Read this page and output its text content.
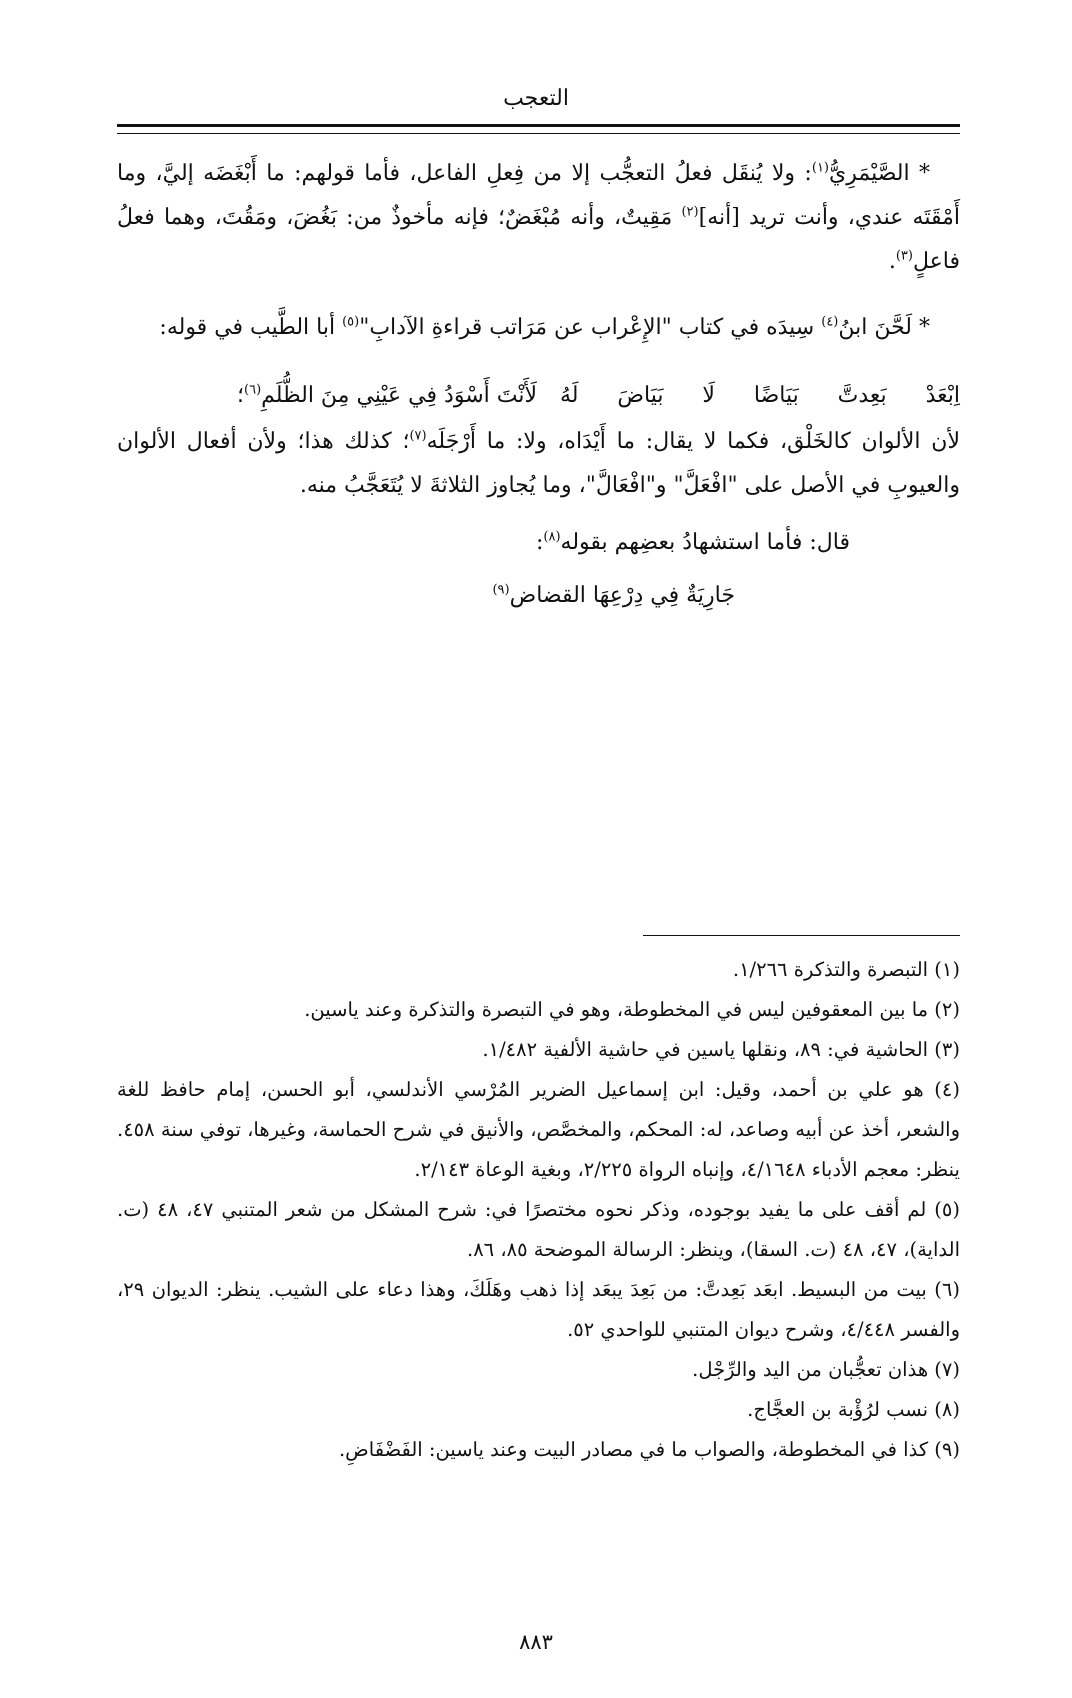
التعجب

* الصَّيْمَرِيُّ$^{(١)}$: ولا يُنقَل فعلُ التعجُّب إلا من فِعلِ الفاعل، فأما قولهم: ما أَبْغَضَه إليَّ، وما أَمْقَتَه عندي، وأنت تريد [أنه]$^{(٢)}$ مَقِيتٌ، وأنه مُبْغَضٌ؛ فإنه مأخوذٌ من: بَغُضَ، ومَقُتَ، وهما فعلُ فاعلٍ$^{(٣)}$.

* لَحَّنَ ابنُ$^{(٤)}$ سِيدَه في كتاب "الإِعْراب عن مَرَاتب قراءةِ الآدابِ"$^{(٥)}$ أبا الطَّيب في قوله:

اِبْعَدْ بَعِدتَّ بَيَاضًا لَا بَيَاضَ لَهُ
لَأَنْتَ أَسْوَدُ فِي عَيْنِي مِنَ الظُّلَمِ$^{(٦)}$؛

لأن الألوان كالخَلْق، فكما لا يقال: ما أَيْدَاه، ولا: ما أَرْجَلَه$^{(٧)}$؛ كذلك هذا؛ ولأن أفعال الألوان والعيوبِ في الأصل على "افْعَلَّ" و"افْعَالَّ"، وما يُجاوز الثلاثةَ لا يُتَعَجَّبُ منه.

قال: فأما استشهادُ بعضِهم بقوله$^{(٨)}$:
جَارِيَةٌ فِي دِرْعِهَا القضاض$^{(٩)}$

(١) التبصرة والتذكرة ١/٢٦٦.

(٢) ما بين المعقوفين ليس في المخطوطة، وهو في التبصرة والتذكرة وعند ياسين.

(٣) الحاشية في: ٨٩، ونقلها ياسين في حاشية الألفية ١/٤٨٢.

(٤) هو علي بن أحمد، وقيل: ابن إسماعيل الضرير المُرْسي الأندلسي، أبو الحسن، إمام حافظ للغة والشعر، أخذ عن أبيه وصاعد، له: المحكم، والمخصَّص، والأنيق في شرح الحماسة، وغيرها، توفي سنة ٤٥٨. ينظر: معجم الأدباء ٤/١٦٤٨، وإنباه الرواة ٢/٢٢٥، وبغية الوعاة ٢/١٤٣.

(٥) لم أقف على ما يفيد بوجوده، وذكر نحوه مختصرًا في: شرح المشكل من شعر المتنبي ٤٧، ٤٨ (ت. الداية)، ٤٧، ٤٨ (ت. السقا)، وينظر: الرسالة الموضحة ٨٥، ٨٦.

(٦) بيت من البسيط. ابعَد بَعِدتَّ: من بَعِدَ يبعَد إذا ذهب وهَلَكَ، وهذا دعاء على الشيب. ينظر: الديوان ٢٩، والفسر ٤/٤٤٨، وشرح ديوان المتنبي للواحدي ٥٢.

(٧) هذان تعجُّبان من اليد والرِّجْل.

(٨) نسب لرُؤْبة بن العجَّاج.

(٩) كذا في المخطوطة، والصواب ما في مصادر البيت وعند ياسين: الفَضْفَاضِ.

٨٨٣
